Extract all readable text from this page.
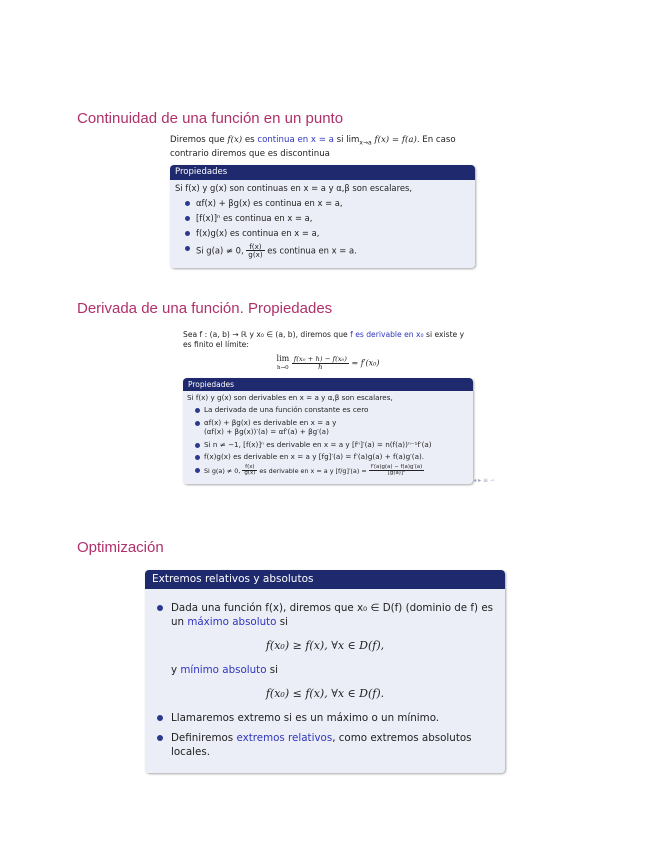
Continuidad de una función en un punto

Diremos que f(x) es continua en x = a si $\lim_{x\to a} f(x) = f(a)$. En caso contrario diremos que es discontinua

Propiedades

Si f(x) y g(x) son continuas en x = a y α,β son escalares,

αf(x) + βg(x) es continua en x = a,
[f(x)]ⁿ es continua en x = a,
f(x)g(x) es continua en x = a,
Si g(a) ≠ 0, $\frac{f(x)}{g(x)}$ es continua en x = a.
Derivada de una función. Propiedades

Sea f : (a, b) → ℝ y x₀ ∈ (a, b), diremos que f es derivable en x₀ si existe y es finito el límite:

lim
$h\to 0 \frac{\text{f(x₀ + h) − f(x₀)}}{h} = f'(x_0)$
Propiedades

Si f(x) y g(x) son derivables en x = a y α,β son escalares,

La derivada de una función constante es cero
αf(x) + βg(x) es derivable en x = a y
(αf(x) + βg(x))′(a) = αf′(a) + βg′(a)
Si n ≠ −1, [f(x)]ⁿ es derivable en x = a y [fⁿ]′(a) = n(f(a))ⁿ⁻¹f′(a)
f(x)g(x) es derivable en x = a y [fg]′(a) = f′(a)g(a) + f(a)g′(a).
Si g(a) ≠ 0, $\frac{f(x)}{g(x)}$ es derivable en x = a y $[f/g]'(a) = \frac{f'(a)g(a) - f(a)g'(a)}{\text{[g(a)]²}}$
◂ ▸ ≡ ∽
Optimización
Extremos relativos y absolutos
Dada una función f(x), diremos que x₀ ∈ D(f) (dominio de f) es un máximo absoluto si
f(x₀) ≥ f(x), ∀x ∈ D(f),
y mínimo absoluto si
f(x₀) ≤ f(x), ∀x ∈ D(f).
Llamaremos extremo si es un máximo o un mínimo.
Definiremos extremos relativos, como extremos absolutos locales.
